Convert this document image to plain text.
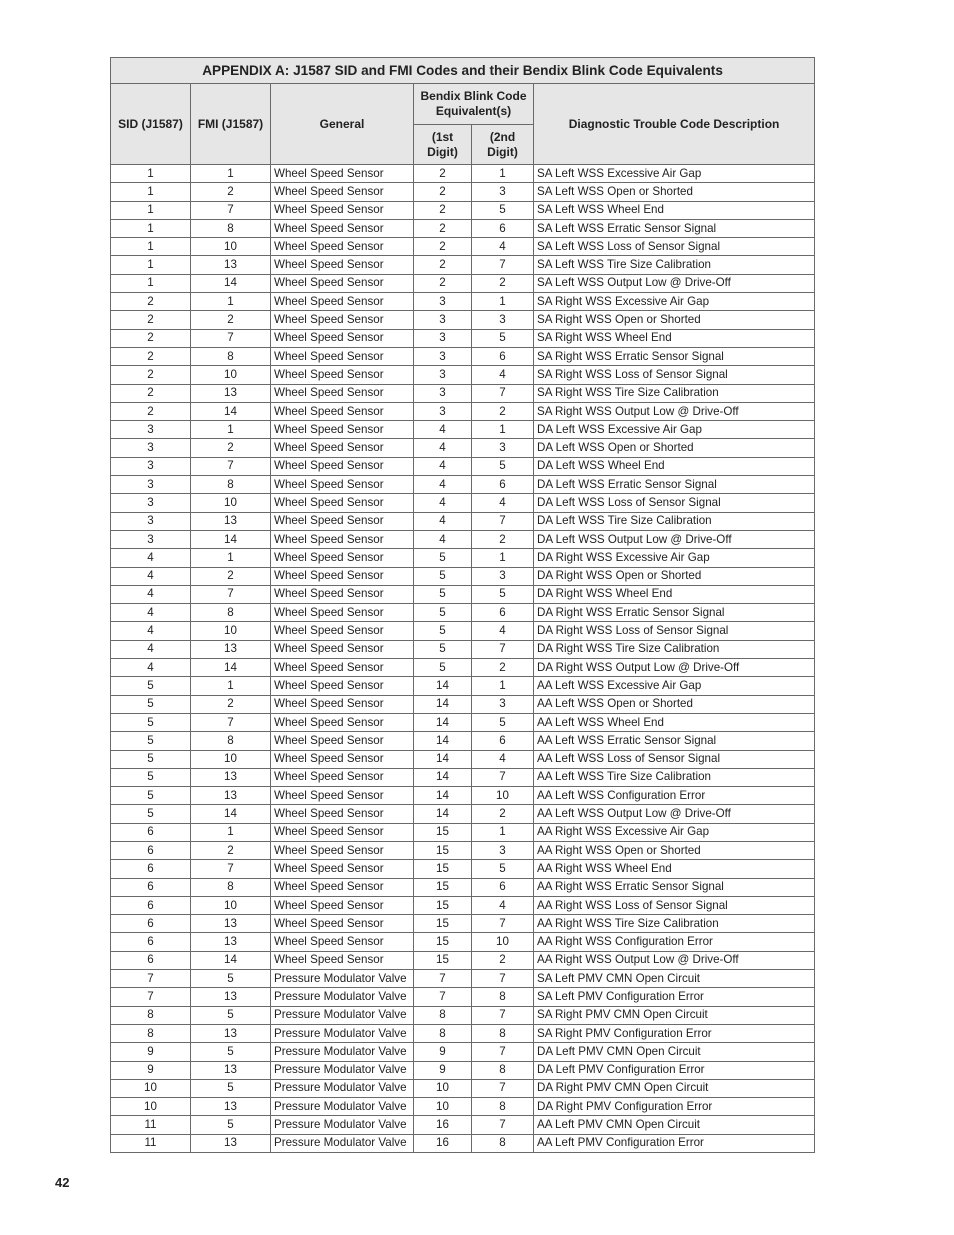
APPENDIX A: J1587 SID and FMI Codes and their Bendix Blink Code Equivalents					
SID (J1587)	FMI (J1587)	General	Bendix Blink Code Equivalent(s)		Diagnostic Trouble Code Description
			(1st Digit)	(2nd Digit)	
1	1	Wheel Speed Sensor	2	1	SA Left WSS Excessive Air Gap
1	2	Wheel Speed Sensor	2	3	SA Left WSS Open or Shorted
1	7	Wheel Speed Sensor	2	5	SA Left WSS Wheel End
1	8	Wheel Speed Sensor	2	6	SA Left WSS Erratic Sensor Signal
1	10	Wheel Speed Sensor	2	4	SA Left WSS Loss of Sensor Signal
1	13	Wheel Speed Sensor	2	7	SA Left WSS Tire Size Calibration
1	14	Wheel Speed Sensor	2	2	SA Left WSS Output Low @ Drive-Off
2	1	Wheel Speed Sensor	3	1	SA Right WSS Excessive Air Gap
2	2	Wheel Speed Sensor	3	3	SA Right WSS Open or Shorted
2	7	Wheel Speed Sensor	3	5	SA Right WSS Wheel End
2	8	Wheel Speed Sensor	3	6	SA Right WSS Erratic Sensor Signal
2	10	Wheel Speed Sensor	3	4	SA Right WSS Loss of Sensor Signal
2	13	Wheel Speed Sensor	3	7	SA Right WSS Tire Size Calibration
2	14	Wheel Speed Sensor	3	2	SA Right WSS Output Low @ Drive-Off
3	1	Wheel Speed Sensor	4	1	DA Left WSS Excessive Air Gap
3	2	Wheel Speed Sensor	4	3	DA Left WSS Open or Shorted
3	7	Wheel Speed Sensor	4	5	DA Left WSS Wheel End
3	8	Wheel Speed Sensor	4	6	DA Left WSS Erratic Sensor Signal
3	10	Wheel Speed Sensor	4	4	DA Left WSS Loss of Sensor Signal
3	13	Wheel Speed Sensor	4	7	DA Left WSS Tire Size Calibration
3	14	Wheel Speed Sensor	4	2	DA Left WSS Output Low @ Drive-Off
4	1	Wheel Speed Sensor	5	1	DA Right WSS Excessive Air Gap
4	2	Wheel Speed Sensor	5	3	DA Right WSS Open or Shorted
4	7	Wheel Speed Sensor	5	5	DA Right WSS Wheel End
4	8	Wheel Speed Sensor	5	6	DA Right WSS Erratic Sensor Signal
4	10	Wheel Speed Sensor	5	4	DA Right WSS Loss of Sensor Signal
4	13	Wheel Speed Sensor	5	7	DA Right WSS Tire Size Calibration
4	14	Wheel Speed Sensor	5	2	DA Right WSS Output Low @ Drive-Off
5	1	Wheel Speed Sensor	14	1	AA Left WSS Excessive Air Gap
5	2	Wheel Speed Sensor	14	3	AA Left WSS Open or Shorted
5	7	Wheel Speed Sensor	14	5	AA Left WSS Wheel End
5	8	Wheel Speed Sensor	14	6	AA Left WSS Erratic Sensor Signal
5	10	Wheel Speed Sensor	14	4	AA Left WSS Loss of Sensor Signal
5	13	Wheel Speed Sensor	14	7	AA Left WSS Tire Size Calibration
5	13	Wheel Speed Sensor	14	10	AA Left WSS Configuration Error
5	14	Wheel Speed Sensor	14	2	AA Left WSS Output Low @ Drive-Off
6	1	Wheel Speed Sensor	15	1	AA Right WSS Excessive Air Gap
6	2	Wheel Speed Sensor	15	3	AA Right WSS Open or Shorted
6	7	Wheel Speed Sensor	15	5	AA Right WSS Wheel End
6	8	Wheel Speed Sensor	15	6	AA Right WSS Erratic Sensor Signal
6	10	Wheel Speed Sensor	15	4	AA Right WSS Loss of Sensor Signal
6	13	Wheel Speed Sensor	15	7	AA Right WSS Tire Size Calibration
6	13	Wheel Speed Sensor	15	10	AA Right WSS Configuration Error
6	14	Wheel Speed Sensor	15	2	AA Right WSS Output Low @ Drive-Off
7	5	Pressure Modulator Valve	7	7	SA Left PMV CMN Open Circuit
7	13	Pressure Modulator Valve	7	8	SA Left PMV Configuration Error
8	5	Pressure Modulator Valve	8	7	SA Right PMV CMN Open Circuit
8	13	Pressure Modulator Valve	8	8	SA Right PMV Configuration Error
9	5	Pressure Modulator Valve	9	7	DA Left PMV CMN Open Circuit
9	13	Pressure Modulator Valve	9	8	DA Left PMV Configuration Error
10	5	Pressure Modulator Valve	10	7	DA Right PMV CMN Open Circuit
10	13	Pressure Modulator Valve	10	8	DA Right PMV Configuration Error
11	5	Pressure Modulator Valve	16	7	AA Left PMV CMN Open Circuit
11	13	Pressure Modulator Valve	16	8	AA Left PMV Configuration Error
42
